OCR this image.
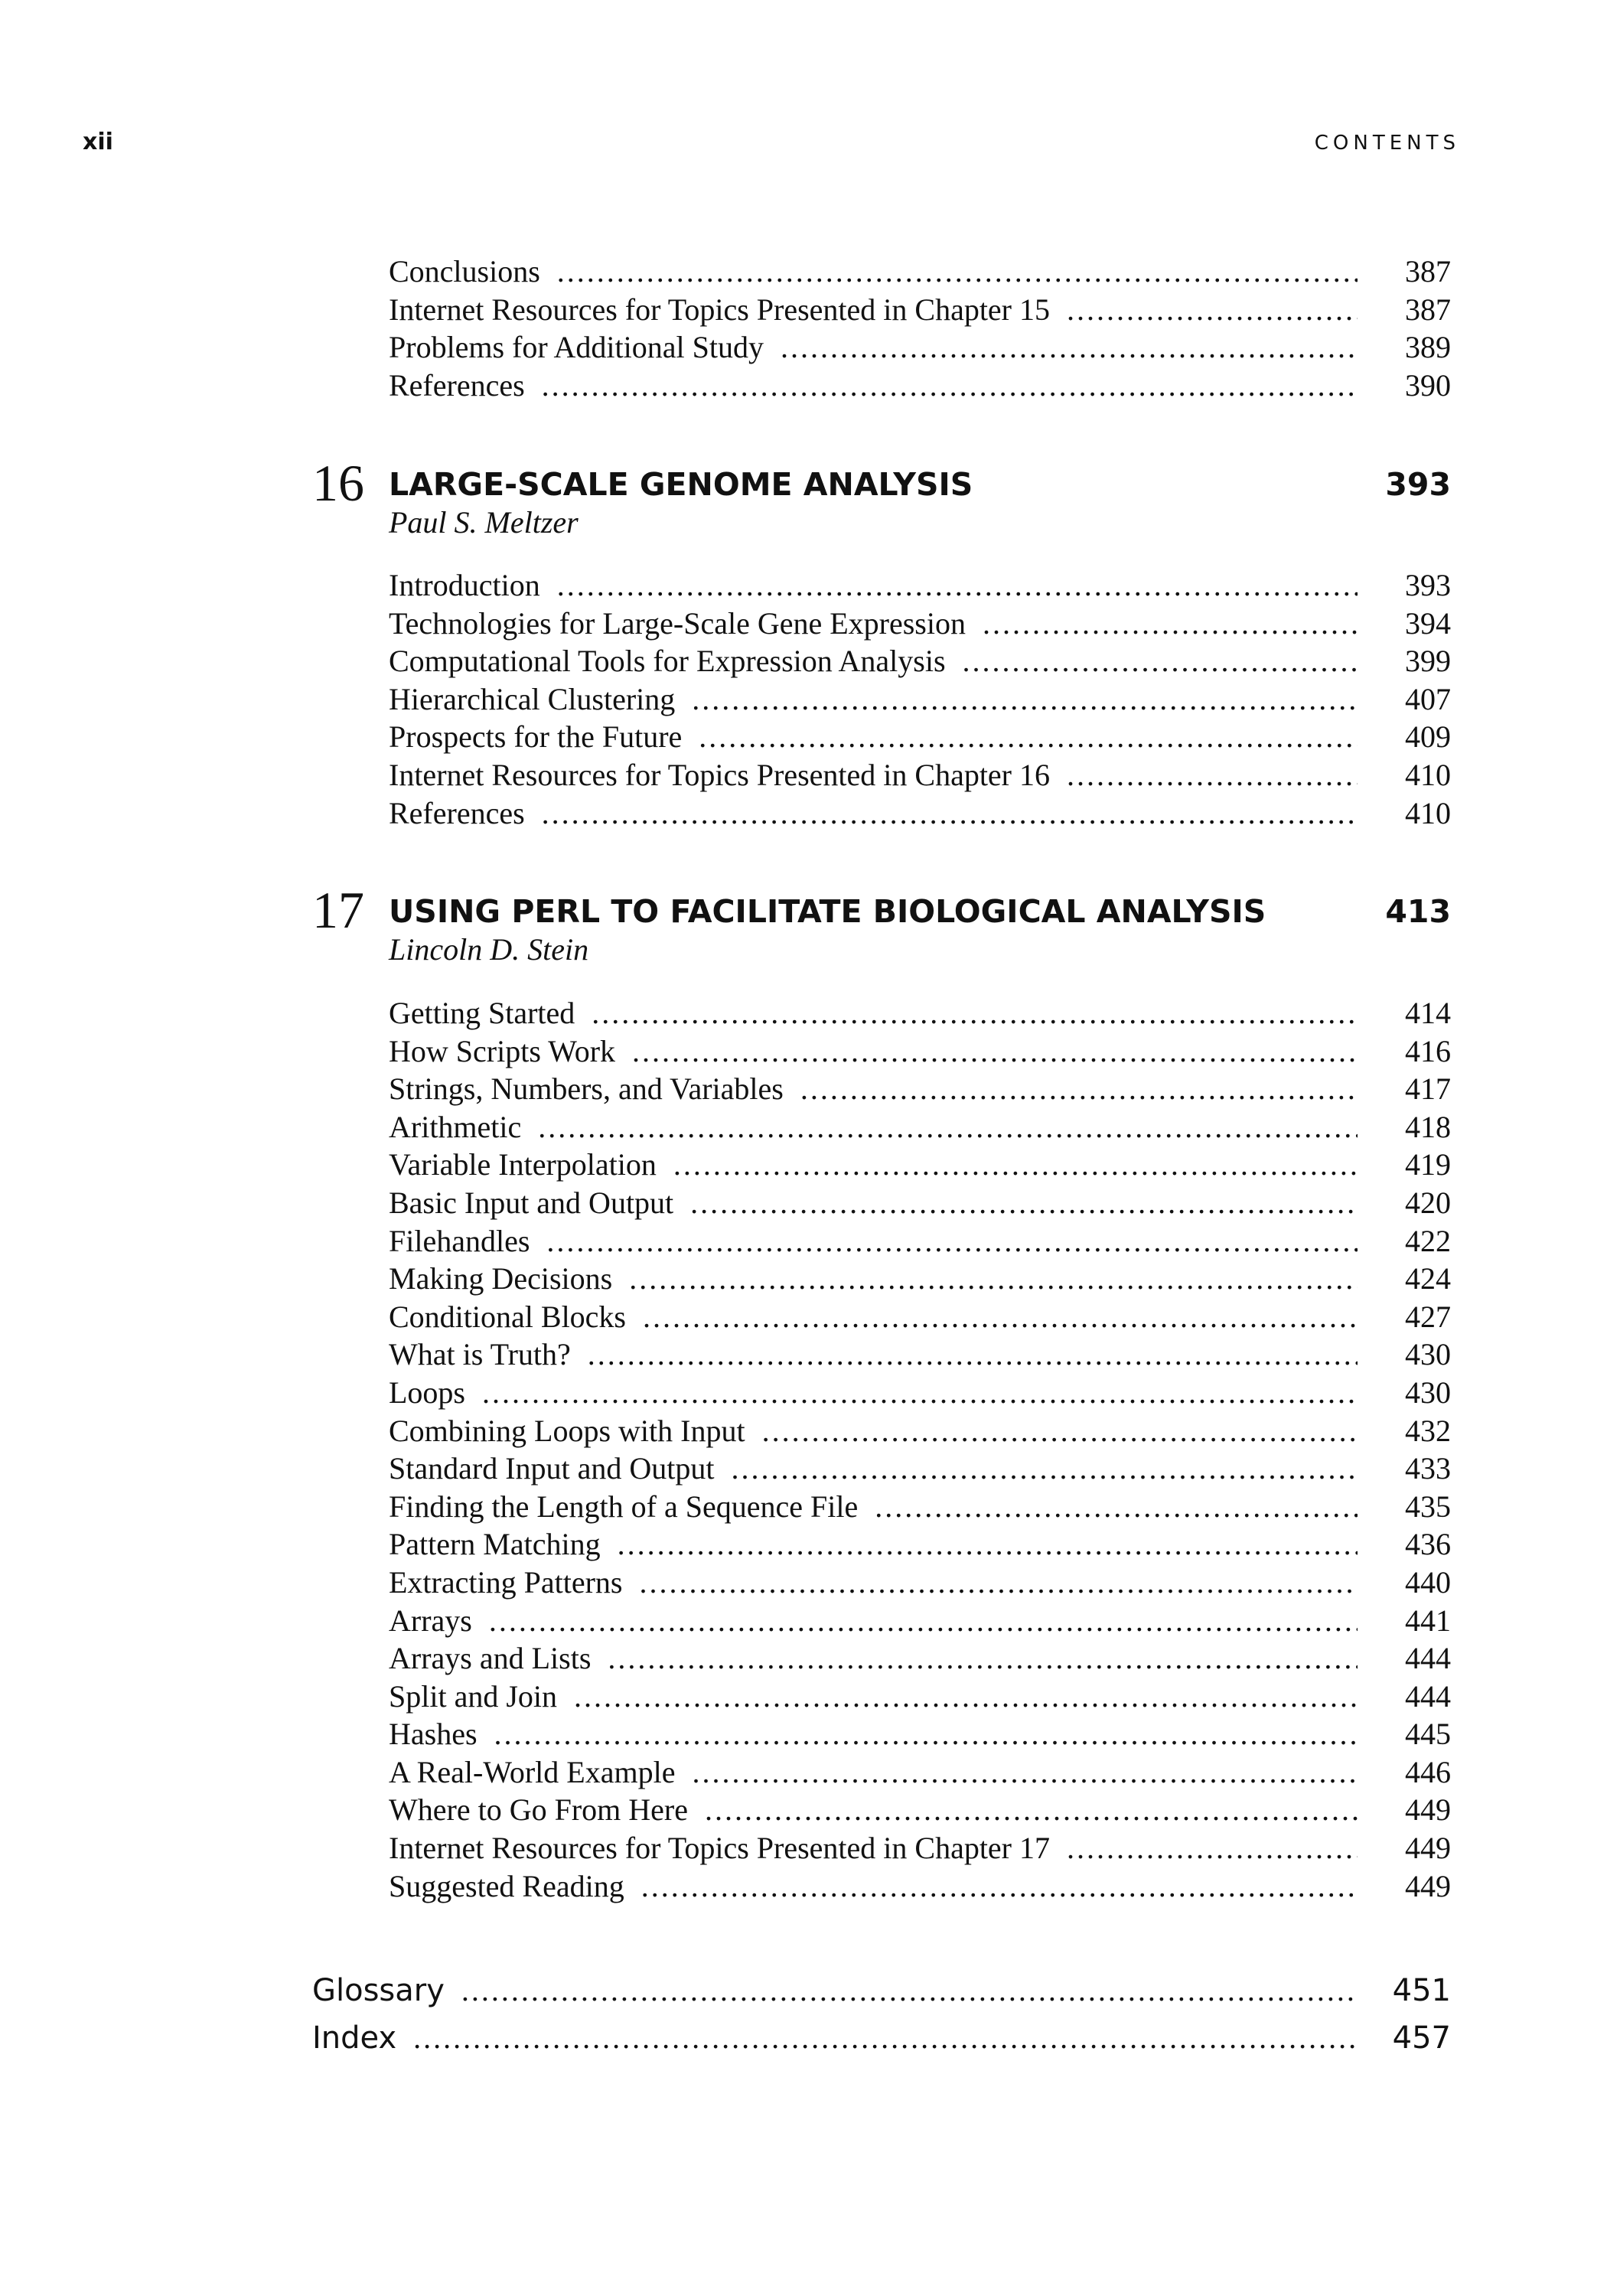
xii	CONTENTS
Conclusions .....	387
Internet Resources for Topics Presented in Chapter 15 .....	387
Problems for Additional Study .....	389
References .....	390
16 LARGE-SCALE GENOME ANALYSIS	393
Paul S. Meltzer
Introduction .....	393
Technologies for Large-Scale Gene Expression .....	394
Computational Tools for Expression Analysis .....	399
Hierarchical Clustering .....	407
Prospects for the Future .....	409
Internet Resources for Topics Presented in Chapter 16 .....	410
References .....	410
17 USING PERL TO FACILITATE BIOLOGICAL ANALYSIS	413
Lincoln D. Stein
Getting Started .....	414
How Scripts Work .....	416
Strings, Numbers, and Variables .....	417
Arithmetic .....	418
Variable Interpolation .....	419
Basic Input and Output .....	420
Filehandles .....	422
Making Decisions .....	424
Conditional Blocks .....	427
What is Truth? .....	430
Loops .....	430
Combining Loops with Input .....	432
Standard Input and Output .....	433
Finding the Length of a Sequence File .....	435
Pattern Matching .....	436
Extracting Patterns .....	440
Arrays .....	441
Arrays and Lists .....	444
Split and Join .....	444
Hashes .....	445
A Real-World Example .....	446
Where to Go From Here .....	449
Internet Resources for Topics Presented in Chapter 17 .....	449
Suggested Reading .....	449
Glossary .....	451
Index .....	457
